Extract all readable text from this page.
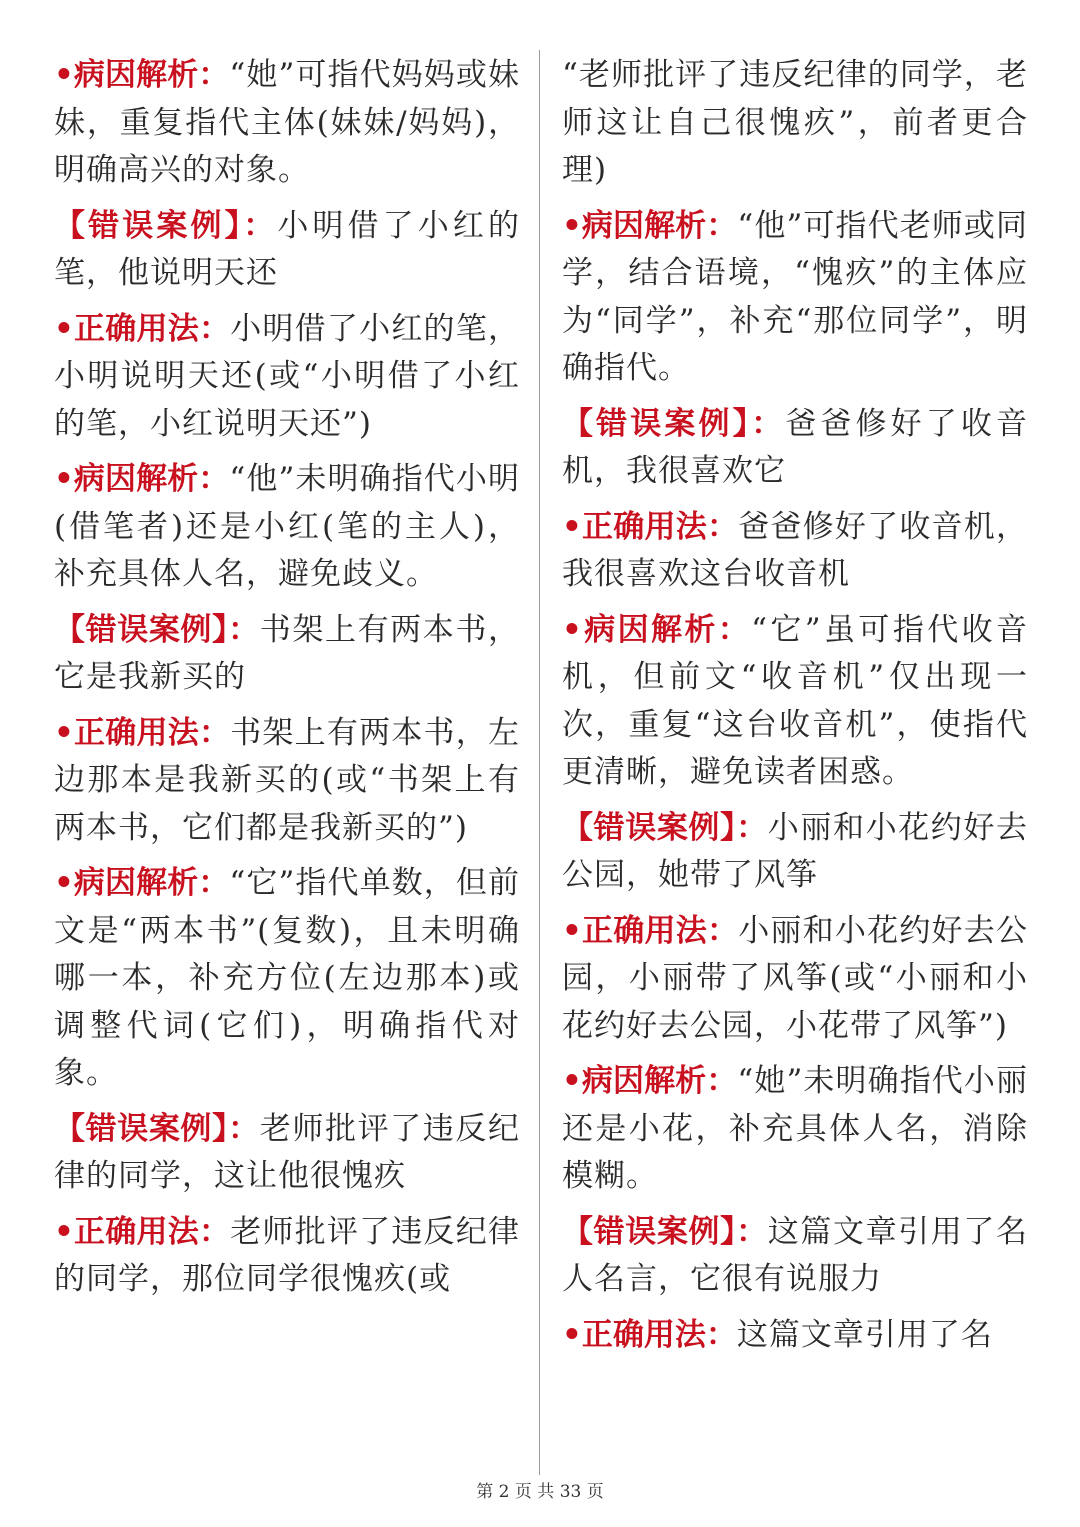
•病因解析：“她”可指代妈妈或妹妹，重复指代主体(妹妹/妈妈)，明确高兴的对象。

【错误案例】：小明借了小红的笔，他说明天还

•正确用法：小明借了小红的笔，小明说明天还(或“小明借了小红的笔，小红说明天还”)

•病因解析：“他”未明确指代小明(借笔者)还是小红(笔的主人)，补充具体人名，避免歧义。

【错误案例】：书架上有两本书，它是我新买的

•正确用法：书架上有两本书，左边那本是我新买的(或“书架上有两本书，它们都是我新买的”)

•病因解析：“它”指代单数，但前文是“两本书”(复数)，且未明确哪一本，补充方位(左边那本)或调整代词(它们)，明确指代对象。

【错误案例】：老师批评了违反纪律的同学，这让他很愧疚

•正确用法：老师批评了违反纪律的同学，那位同学很愧疚(或

“老师批评了违反纪律的同学，老师这让自己很愧疚”，前者更合理)

•病因解析：“他”可指代老师或同学，结合语境，“愧疚”的主体应为“同学”，补充“那位同学”，明确指代。

【错误案例】：爸爸修好了收音机，我很喜欢它

•正确用法：爸爸修好了收音机，我很喜欢这台收音机

•病因解析：“它”虽可指代收音机，但前文“收音机”仅出现一次，重复“这台收音机”，使指代更清晰，避免读者困惑。

【错误案例】：小丽和小花约好去公园，她带了风筝

•正确用法：小丽和小花约好去公园，小丽带了风筝(或“小丽和小花约好去公园，小花带了风筝”)

•病因解析：“她”未明确指代小丽还是小花，补充具体人名，消除模糊。

【错误案例】：这篇文章引用了名人名言，它很有说服力

•正确用法：这篇文章引用了名

第 2 页 共 33 页
